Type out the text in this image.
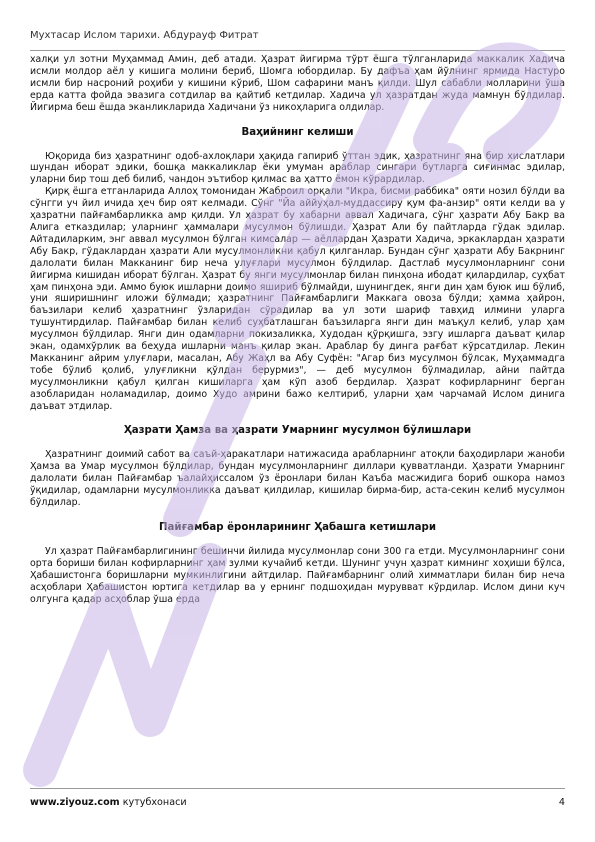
Мухтасар Ислом тарихи. Абдурауф Фитрат

халқи ул зотни Муҳаммад Амин, деб атади. Ҳазрат йигирма тўрт ёшга тўлганларида маккалик Хадича исмли молдор аёл у кишига молини бериб, Шомга юбордилар. Бу дафъа ҳам йўлнинг ярмида Настуро исмли бир насроний роҳиби у кишини кўриб, Шом сафарини манъ қилди. Шул сабабли молларини ўша ерда катта фойда эвазига сотдилар ва қайтиб кетдилар. Хадича ул ҳазратдан жуда мамнун бўлдилар. Йигирма беш ёшда эканликларида Хадичани ўз никоҳларига олдилар.

Ваҳийнинг келиши

Юқорида биз ҳазратнинг одоб-ахлоқлари ҳақида гапириб ўттан эдик, ҳазратнинг яна бир хислатлари шундан иборат эдики, бошқа маккаликлар ёки умуман араблар сингари бутларга сиғинмас эдилар, уларни бир тош деб билиб, чандон эътибор қилмас ва ҳатто ёмон кўрардилар.

Қирқ ёшга етганларида Аллоҳ томонидан Жаброил орқали "Икра, бисми раббика" ояти нозил бўлди ва сўнгги уч йил ичида ҳеч бир оят келмади. Сўнг "Йа аййуҳал-муддассиру қум фа-анзир" ояти келди ва у ҳазратни пайғамбарликка амр қилди. Ул ҳазрат бу хабарни аввал Хадичага, сўнг ҳазрати Абу Бакр ва Алига етказдилар; уларнинг ҳаммалари мусулмон бўлишди. Ҳазрат Али бу пайтларда гўдак эдилар. Айтадиларким, энг аввал мусулмон бўлган кимсалар — аёллардан Ҳазрати Хадича, эркаклардан ҳазрати Абу Бакр, гўдаклардан ҳазрати Али мусулмонликни қабул қилганлар. Бундан сўнг ҳазрати Абу Бакрнинг далолати билан Макканинг бир неча улуғлари мусулмон бўлдилар. Дастлаб мусулмонларнинг сони йигирма кишидан иборат бўлган. Ҳазрат бу янги мусулмонлар билан пинҳона ибодат қилардилар, суҳбат ҳам пинҳона эди. Аммо буюк ишларни доимо яшириб бўлмайди, шунингдек, янги дин ҳам буюк иш бўлиб, уни яширишнинг иложи бўлмади; ҳазратнинг Пайғамбарлиги Маккага овоза бўлди; ҳамма ҳайрон, баъзилари келиб ҳазратнинг ўзларидан сўрадилар ва ул зоти шариф тавҳид илмини уларга тушунтирдилар. Пайғамбар билан келиб суҳбатлашган баъзиларга янги дин маъқул келиб, улар ҳам мусулмон бўлдилар. Янги дин одамларни покизаликка, Худодан қўрқишга, эзгу ишларга даъват қилар экан, одамхўрлик ва беҳуда ишларни манъ қилар экан. Араблар бу динга рағбат кўрсатдилар. Лекин Макканинг айрим улуғлари, масалан, Абу Жаҳл ва Абу Суфён: "Агар биз мусулмон бўлсак, Муҳаммадга тобе бўлиб қолиб, улуғликни қўлдан берурмиз", — деб мусулмон бўлмадилар, айни пайтда мусулмонликни қабул қилган кишиларга ҳам кўп азоб бердилар. Ҳазрат кофирларнинг берган азобларидан ноламадилар, доимо Худо амрини бажо келтириб, уларни ҳам чарчамай Ислом динига даъват этдилар.

Ҳазрати Ҳамза ва ҳазрати Умарнинг мусулмон бўлишлари

Ҳазратнинг доимий сабот ва саъй-ҳаракатлари натижасида арабларнинг атоқли баҳодирлари жаноби Ҳамза ва Умар мусулмон бўлдилар, бундан мусулмонларнинг диллари қувватланди. Ҳазрати Умарнинг далолати билан Пайғамбар ъалайҳиссалом ўз ёронлари билан Каъба масжидига бориб ошкора намоз ўқидилар, одамларни мусулмонликка даъват қилдилар, кишилар бирма-бир, аста-секин келиб мусулмон бўлдилар.

Пайғамбар ёронларининг Ҳабашга кетишлари

Ул ҳазрат Пайғамбарлигининг бешинчи йилида мусулмонлар сони 300 га етди. Мусулмонларнинг сони орта бориши билан кофирларнинг ҳам зулми кучайиб кетди. Шунинг учун ҳазрат кимнинг хоҳиши бўлса, Ҳабашистонга боришларни мумкинлигини айтдилар. Пайғамбарнинг олий химматлари билан бир неча асҳоблари Ҳабашистон юртига кетдилар ва у ернинг подшоҳидан мурувват кўрдилар. Ислом дини куч олгунга қадар асҳоблар ўша ерда

www.ziyouz.com кутубхонаси	4
